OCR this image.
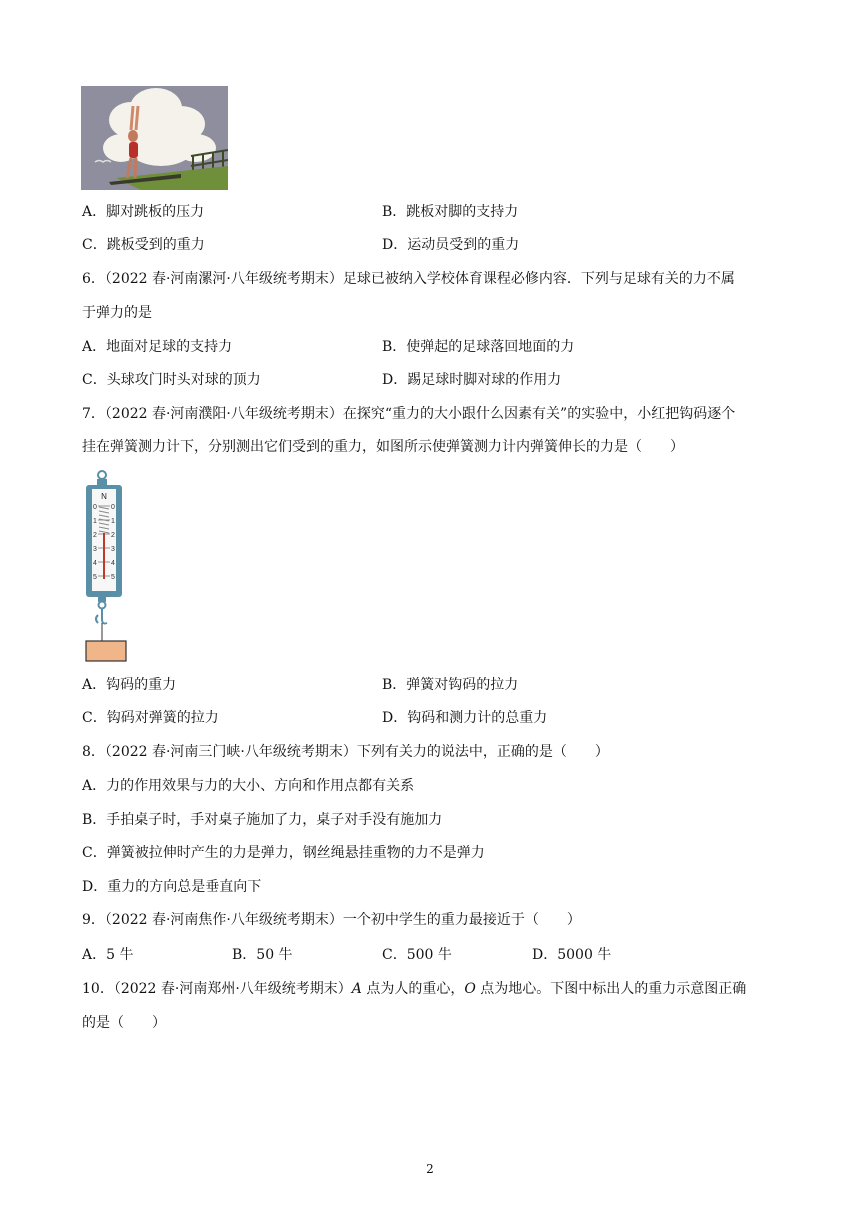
A．脚对跳板的压力	B．跳板对脚的支持力
C．跳板受到的重力	D．运动员受到的重力
6．（2022 春·河南漯河·八年级统考期末）足球已被纳入学校体育课程必修内容．下列与足球有关的力不属
于弹力的是
A．地面对足球的支持力	B．使弹起的足球落回地面的力
C．头球攻门时头对球的顶力	D．踢足球时脚对球的作用力
7．（2022 春·河南濮阳·八年级统考期末）在探究“重力的大小跟什么因素有关”的实验中，小红把钩码逐个
挂在弹簧测力计下，分别测出它们受到的重力，如图所示使弹簧测力计内弹簧伸长的力是（　　）
N
0
1
2
3
4
5
0
1
2
3
4
5
A．钩码的重力	B．弹簧对钩码的拉力
C．钩码对弹簧的拉力	D．钩码和测力计的总重力
8．（2022 春·河南三门峡·八年级统考期末）下列有关力的说法中，正确的是（　　）
A．力的作用效果与力的大小、方向和作用点都有关系
B．手拍桌子时，手对桌子施加了力，桌子对手没有施加力
C．弹簧被拉伸时产生的力是弹力，钢丝绳悬挂重物的力不是弹力
D．重力的方向总是垂直向下
9．（2022 春·河南焦作·八年级统考期末）一个初中学生的重力最接近于（　　）
A．5 牛	B．50 牛	C．500 牛	D．5000 牛
10．（2022 春·河南郑州·八年级统考期末）A 点为人的重心，O 点为地心。下图中标出人的重力示意图正确
的是（　　）
2
